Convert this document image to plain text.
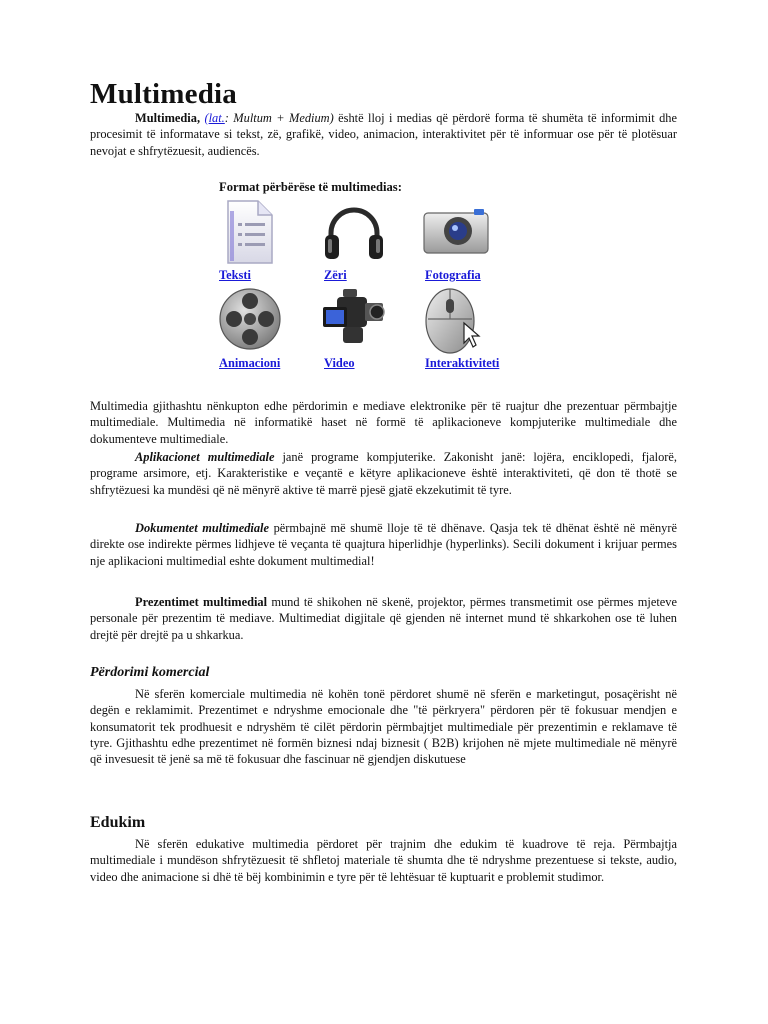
Multimedia

Multimedia, (lat.: Multum + Medium) është lloj i medias që përdorë forma të shumëta të informimit dhe procesimit të informatave si tekst, zë, grafikë, video, animacion, interaktivitet për të informuar ose për të plotësuar nevojat e shfrytëzuesit, audiencës.

Format përbërëse të multimedias:
Teksti	Zëri	Fotografia
Animacioni	Video	Interaktiviteti

Multimedia gjithashtu nënkupton edhe përdorimin e mediave elektronike për të ruajtur dhe prezentuar përmbajtje multimediale. Multimedia në informatikë haset në formë të aplikacioneve kompjuterike multimediale dhe dokumenteve multimediale.

Aplikacionet multimediale janë programe kompjuterike. Zakonisht janë: lojëra, enciklopedi, fjalorë, programe arsimore, etj. Karakteristike e veçantë e këtyre aplikacioneve është interaktiviteti, që don të thotë se shfrytëzuesi ka mundësi që në mënyrë aktive të marrë pjesë gjatë ekzekutimit të tyre.

Dokumentet multimediale përmbajnë më shumë lloje të të dhënave. Qasja tek të dhënat është në mënyrë direkte ose indirekte përmes lidhjeve të veçanta të quajtura hiperlidhje (hyperlinks). Secili dokument i krijuar permes nje aplikacioni multimedial eshte dokument multimedial!

Prezentimet multimedial mund të shikohen në skenë, projektor, përmes transmetimit ose përmes mjeteve personale për prezentim të mediave. Multimediat digjitale që gjenden në internet mund të shkarkohen ose të luhen drejtë për drejtë pa u shkarkua.

Përdorimi komercial

Në sferën komerciale multimedia në kohën tonë përdoret shumë në sferën e marketingut, posaçërisht në degën e reklamimit. Prezentimet e ndryshme emocionale dhe "të përkryera" përdoren për të fokusuar mendjen e konsumatorit tek prodhuesit e ndryshëm të cilët përdorin përmbajtjet multimediale për prezentimin e reklamave të tyre. Gjithashtu edhe prezentimet në formën biznesi ndaj biznesit ( B2B) krijohen në mjete multimediale në mënyrë që invesuesit të jenë sa më të fokusuar dhe fascinuar në gjendjen diskutuese

Edukim

Në sferën edukative multimedia përdoret për trajnim dhe edukim të kuadrove të reja. Përmbajtja multimediale i mundëson shfrytëzuesit të shfletoj materiale të shumta dhe të ndryshme prezentuese si tekste, audio, video dhe animacione si dhë të bëj kombinimin e tyre për të lehtësuar të kuptuarit e problemit studimor.
